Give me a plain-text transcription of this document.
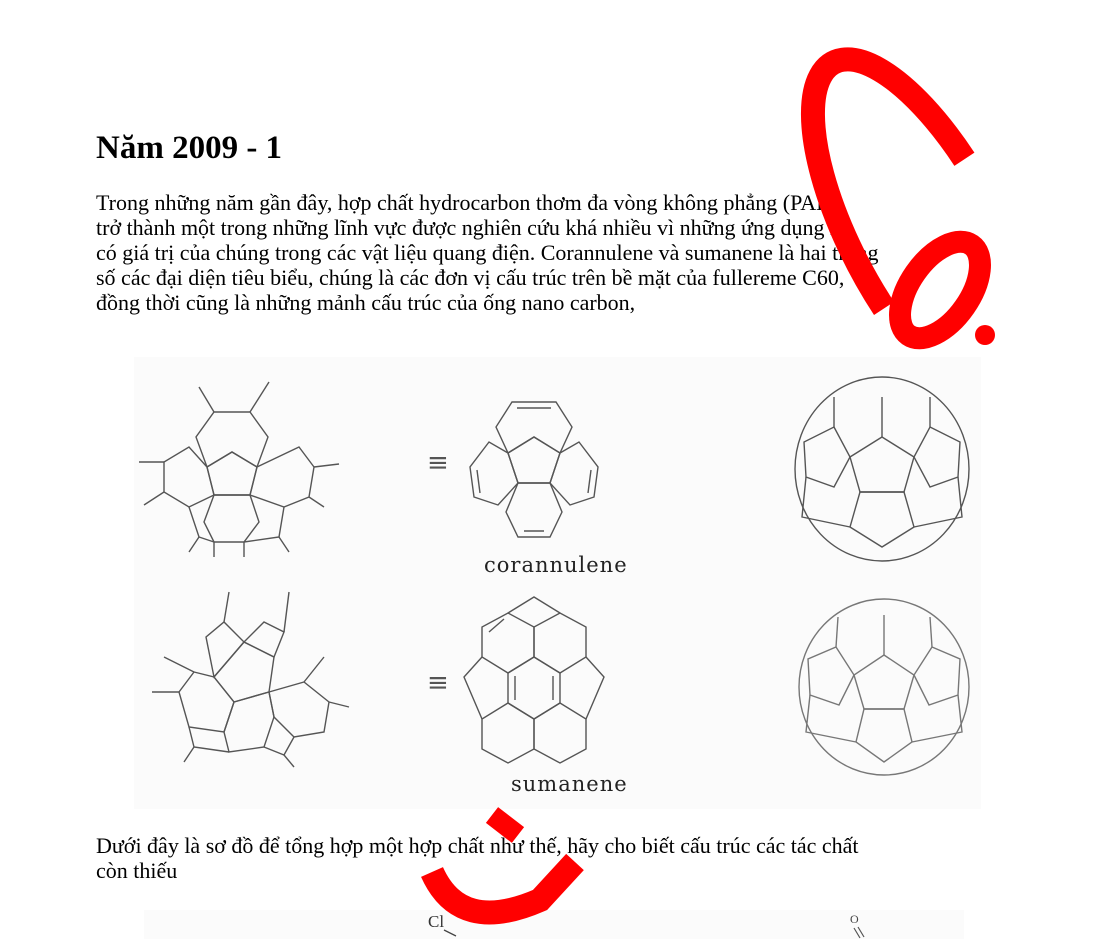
Năm 2009 - 1
Trong những năm gần đây, hợp chất hydrocarbon thơm đa vòng không phẳng (PAH)
trở thành một trong những lĩnh vực được nghiên cứu khá nhiều vì những ứng dụng rất
có giá trị của chúng trong các vật liệu quang điện. Corannulene và sumanene là hai trong
số các đại diện tiêu biểu, chúng là các đơn vị cấu trúc trên bề mặt của fullereme C60,
đồng thời cũng là những mảnh cấu trúc của ống nano carbon,
≡
≡
corannulene
sumanene
Dưới đây là sơ đồ để tổng hợp một hợp chất như thế, hãy cho biết cấu trúc các tác chất
còn thiếu
Cl	O
